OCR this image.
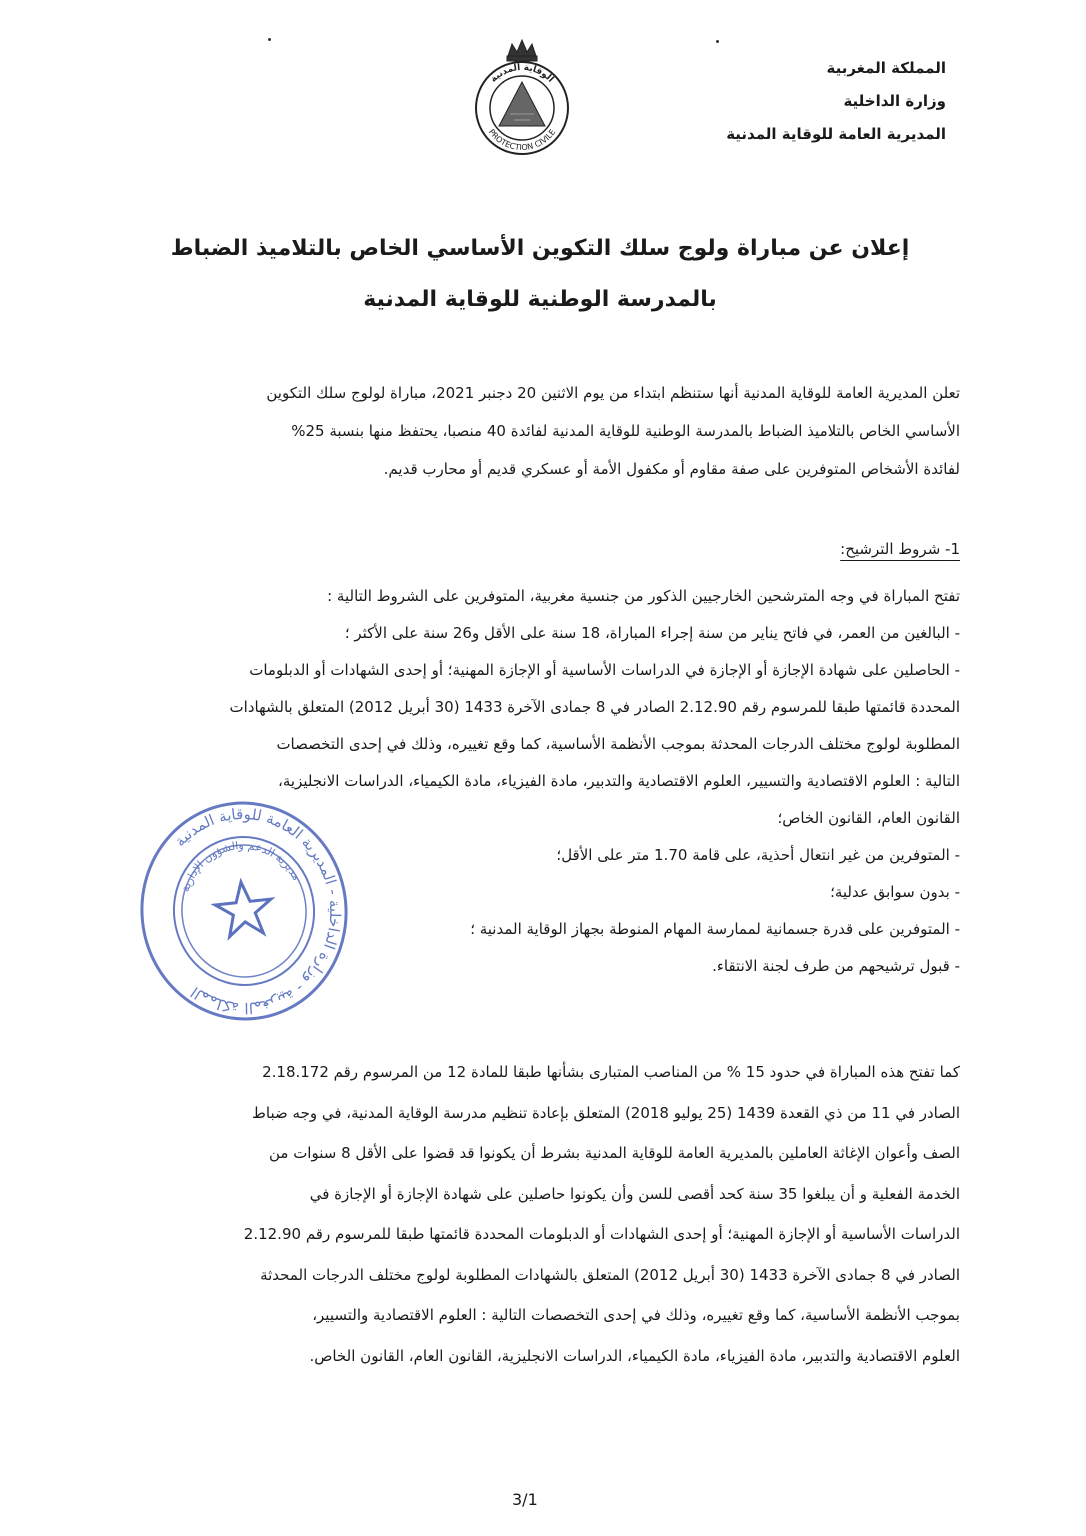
المملكة المغربية
وزارة الداخلية
المديرية العامة للوقاية المدنية
الوقاية المدنية
PROTECTION CIVILE
إعلان عن مباراة ولوج سلك التكوين الأساسي الخاص بالتلاميذ الضباط
بالمدرسة الوطنية للوقاية المدنية
تعلن المديرية العامة للوقاية المدنية أنها ستنظم ابتداء من يوم الاثنين 20 دجنبر 2021، مباراة لولوج سلك التكوين
الأساسي الخاص بالتلاميذ الضباط بالمدرسة الوطنية للوقاية المدنية لفائدة 40 منصبا، يحتفظ منها بنسبة 25%
لفائدة الأشخاص المتوفرين على صفة مقاوم أو مكفول الأمة أو عسكري قديم أو محارب قديم.
1- شروط الترشيح:
تفتح المباراة في وجه المترشحين الخارجيين الذكور من جنسية مغربية، المتوفرين على الشروط التالية :
- البالغين من العمر، في فاتح يناير من سنة إجراء المباراة، 18 سنة على الأقل و26 سنة على الأكثر ؛
- الحاصلين على شهادة الإجازة أو الإجازة في الدراسات الأساسية أو الإجازة المهنية؛ أو إحدى الشهادات أو الدبلومات
المحددة قائمتها طبقا للمرسوم رقم 2.12.90 الصادر في 8 جمادى الآخرة 1433 (30 أبريل 2012) المتعلق بالشهادات
المطلوبة لولوج مختلف الدرجات المحدثة بموجب الأنظمة الأساسية، كما وقع تغييره، وذلك في إحدى التخصصات
التالية : العلوم الاقتصادية والتسيير، العلوم الاقتصادية والتدبير، مادة الفيزياء، مادة الكيمياء، الدراسات الانجليزية،
القانون العام، القانون الخاص؛
- المتوفرين من غير انتعال أحذية، على قامة 1.70 متر على الأقل؛
- بدون سوابق عدلية؛
- المتوفرين على قدرة جسمانية لممارسة المهام المنوطة بجهاز الوقاية المدنية ؛
- قبول ترشيحهم من طرف لجنة الانتقاء.
المملكة المغربية - وزارة الداخلية - المديرية العامة للوقاية المدنية
مديرية الدعم والشؤون الإدارية
كما تفتح هذه المباراة في حدود 15 % من المناصب المتبارى بشأنها طبقا للمادة 12 من المرسوم رقم 2.18.172
الصادر في 11 من ذي القعدة 1439 (25 يوليو 2018) المتعلق بإعادة تنظيم مدرسة الوقاية المدنية، في وجه ضباط
الصف وأعوان الإغاثة العاملين بالمديرية العامة للوقاية المدنية بشرط أن يكونوا قد قضوا على الأقل 8 سنوات من
الخدمة الفعلية و أن يبلغوا 35 سنة كحد أقصى للسن وأن يكونوا حاصلين على شهادة الإجازة أو الإجازة في
الدراسات الأساسية أو الإجازة المهنية؛ أو إحدى الشهادات أو الدبلومات المحددة قائمتها طبقا للمرسوم رقم 2.12.90
الصادر في 8 جمادى الآخرة 1433 (30 أبريل 2012) المتعلق بالشهادات المطلوبة لولوج مختلف الدرجات المحدثة
بموجب الأنظمة الأساسية، كما وقع تغييره، وذلك في إحدى التخصصات التالية : العلوم الاقتصادية والتسيير،
العلوم الاقتصادية والتدبير، مادة الفيزياء، مادة الكيمياء، الدراسات الانجليزية، القانون العام، القانون الخاص.
3/1
